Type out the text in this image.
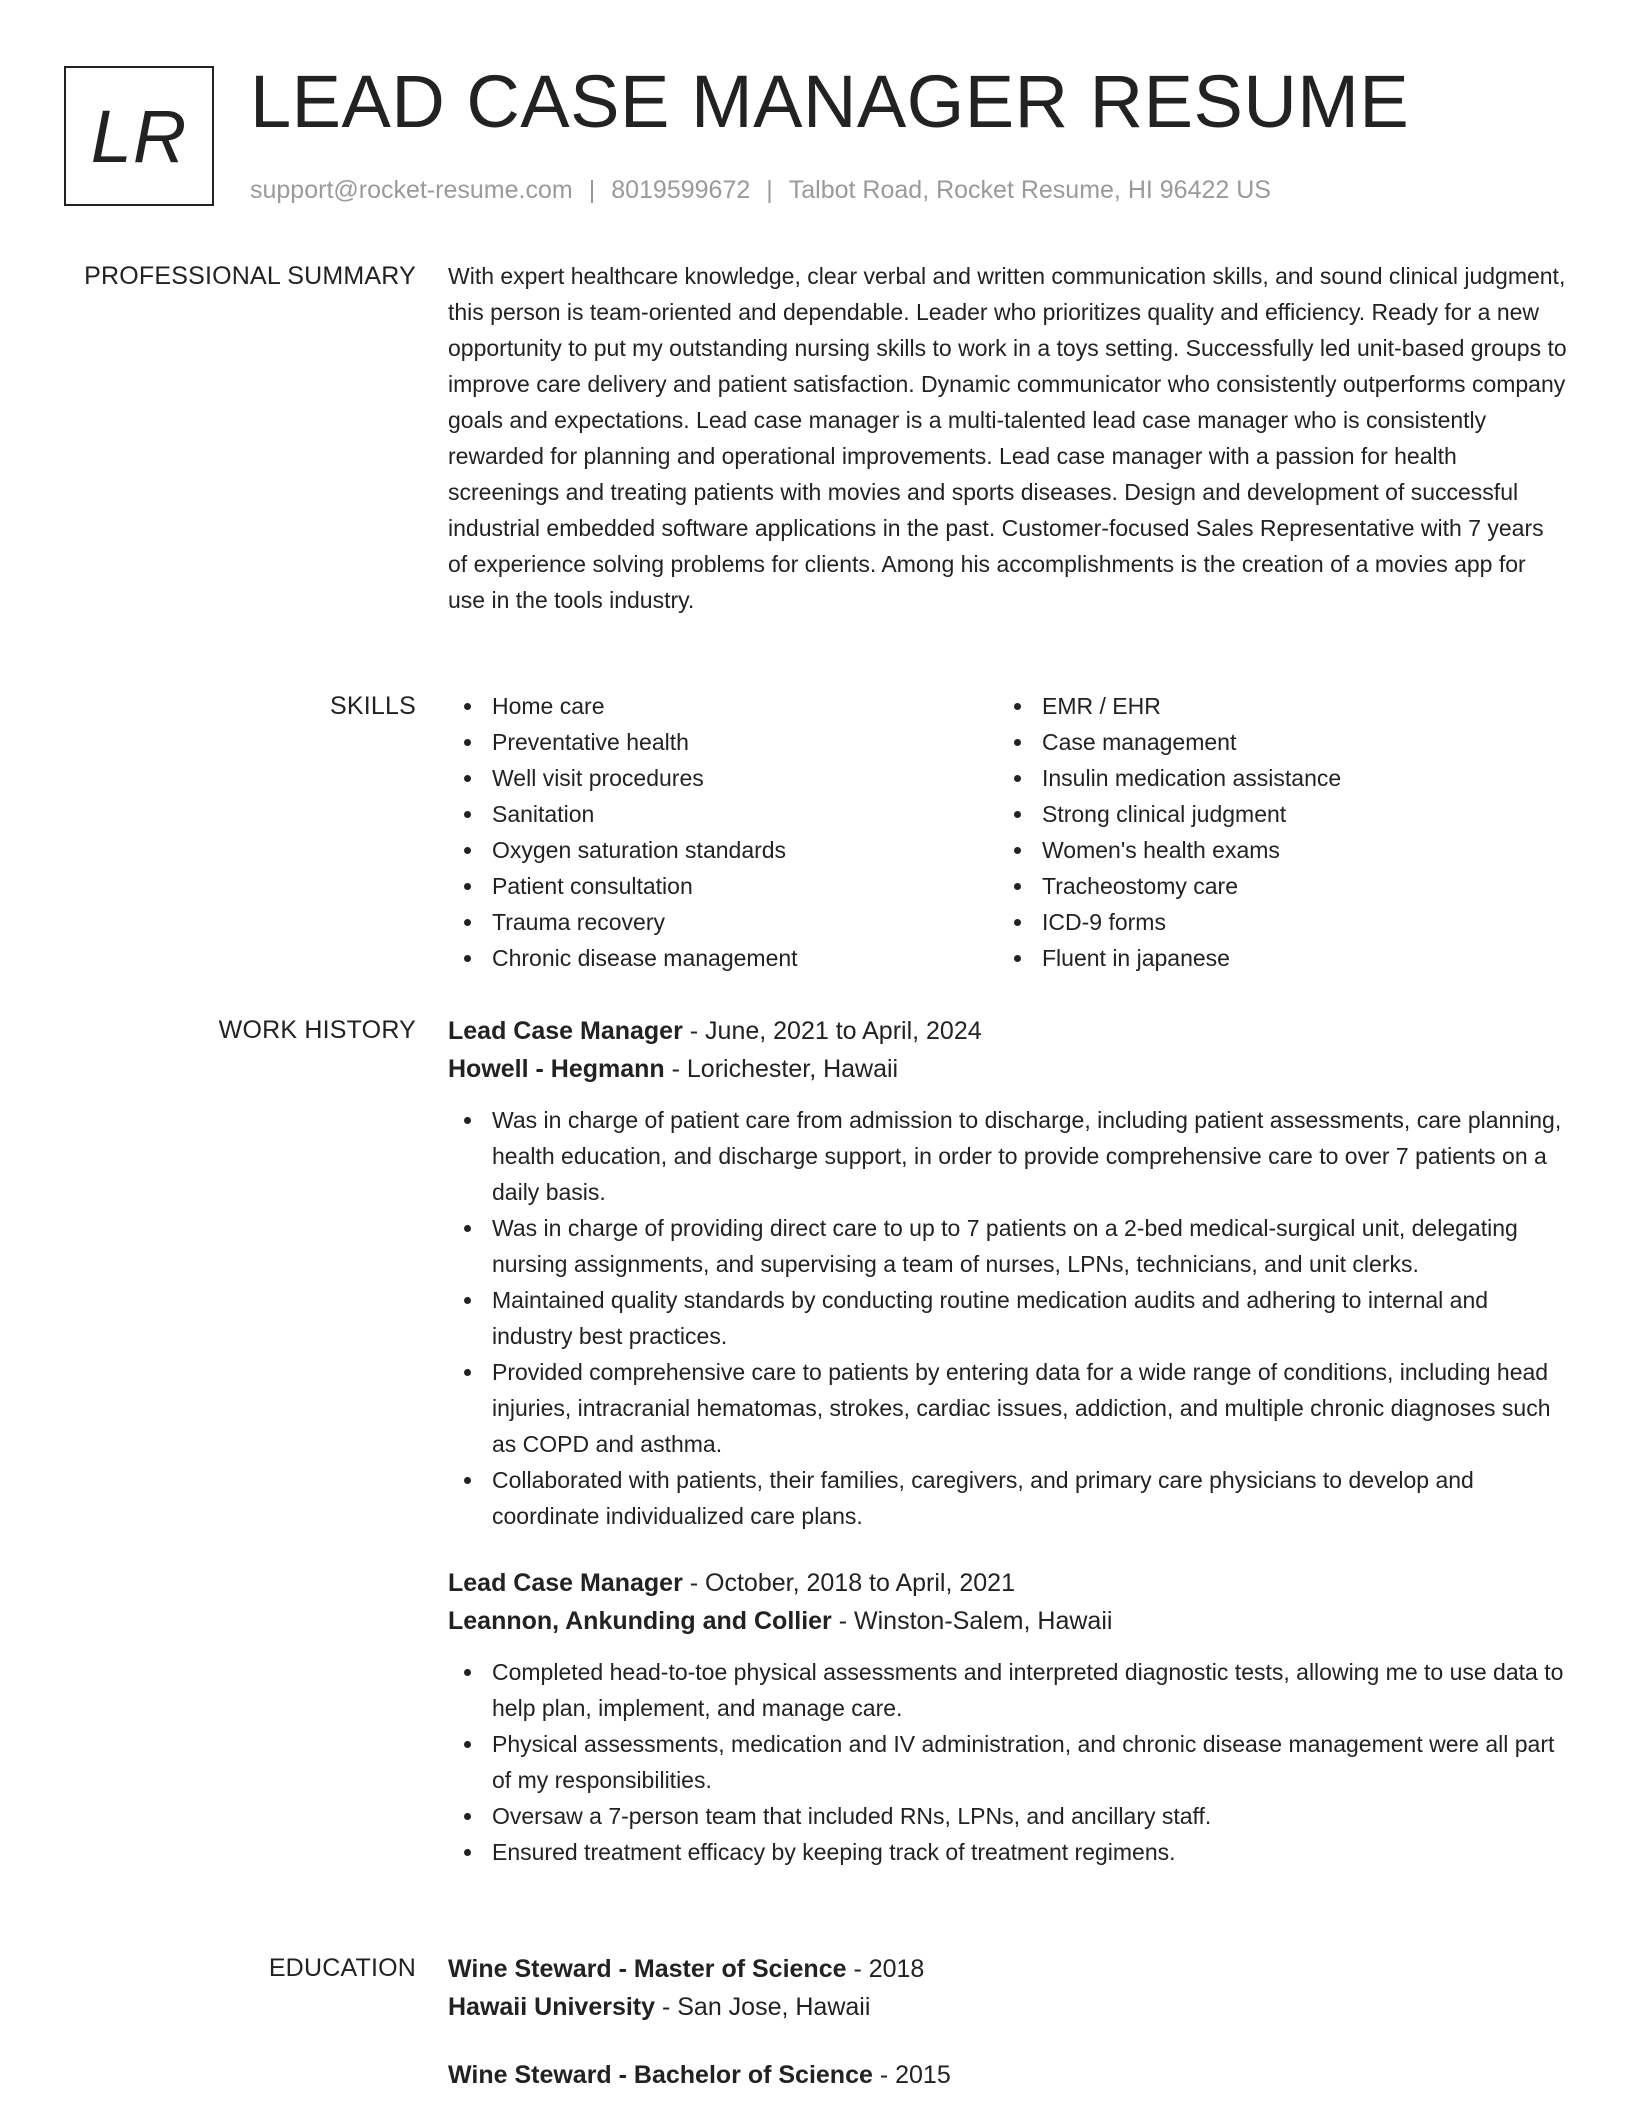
LR LEAD CASE MANAGER RESUME
support@rocket-resume.com | 8019599672 | Talbot Road, Rocket Resume, HI 96422 US
PROFESSIONAL SUMMARY With expert healthcare knowledge, clear verbal and written communication skills, and sound clinical judgment, this person is team-oriented and dependable. Leader who prioritizes quality and efficiency. Ready for a new opportunity to put my outstanding nursing skills to work in a toys setting. Successfully led unit-based groups to improve care delivery and patient satisfaction. Dynamic communicator who consistently outperforms company goals and expectations. Lead case manager is a multi-talented lead case manager who is consistently rewarded for planning and operational improvements. Lead case manager with a passion for health screenings and treating patients with movies and sports diseases. Design and development of successful industrial embedded software applications in the past. Customer-focused Sales Representative with 7 years of experience solving problems for clients. Among his accomplishments is the creation of a movies app for use in the tools industry.

SKILLS	Home care
Preventative health
Well visit procedures
Sanitation
Oxygen saturation standards
Patient consultation
Trauma recovery
Chronic disease management
EMR / EHR
Case management
Insulin medication assistance
Strong clinical judgment
Women's health exams
Tracheostomy care
ICD-9 forms
Fluent in japanese
WORK HISTORY Lead Case Manager - June, 2021 to April, 2024
Howell - Hegmann - Lorichester, Hawaii
Was in charge of patient care from admission to discharge, including patient assessments, care planning, health education, and discharge support, in order to provide comprehensive care to over 7 patients on a daily basis.
Was in charge of providing direct care to up to 7 patients on a 2-bed medical-surgical unit, delegating nursing assignments, and supervising a team of nurses, LPNs, technicians, and unit clerks.
Maintained quality standards by conducting routine medication audits and adhering to internal and industry best practices.
Provided comprehensive care to patients by entering data for a wide range of conditions, including head injuries, intracranial hematomas, strokes, cardiac issues, addiction, and multiple chronic diagnoses such as COPD and asthma.
Collaborated with patients, their families, caregivers, and primary care physicians to develop and coordinate individualized care plans.
Lead Case Manager - October, 2018 to April, 2021
Leannon, Ankunding and Collier - Winston-Salem, Hawaii
Completed head-to-toe physical assessments and interpreted diagnostic tests, allowing me to use data to help plan, implement, and manage care.
Physical assessments, medication and IV administration, and chronic disease management were all part of my responsibilities.
Oversaw a 7-person team that included RNs, LPNs, and ancillary staff.
Ensured treatment efficacy by keeping track of treatment regimens.
EDUCATION Wine Steward - Master of Science - 2018
Hawaii University - San Jose, Hawaii
Wine Steward - Bachelor of Science - 2015
